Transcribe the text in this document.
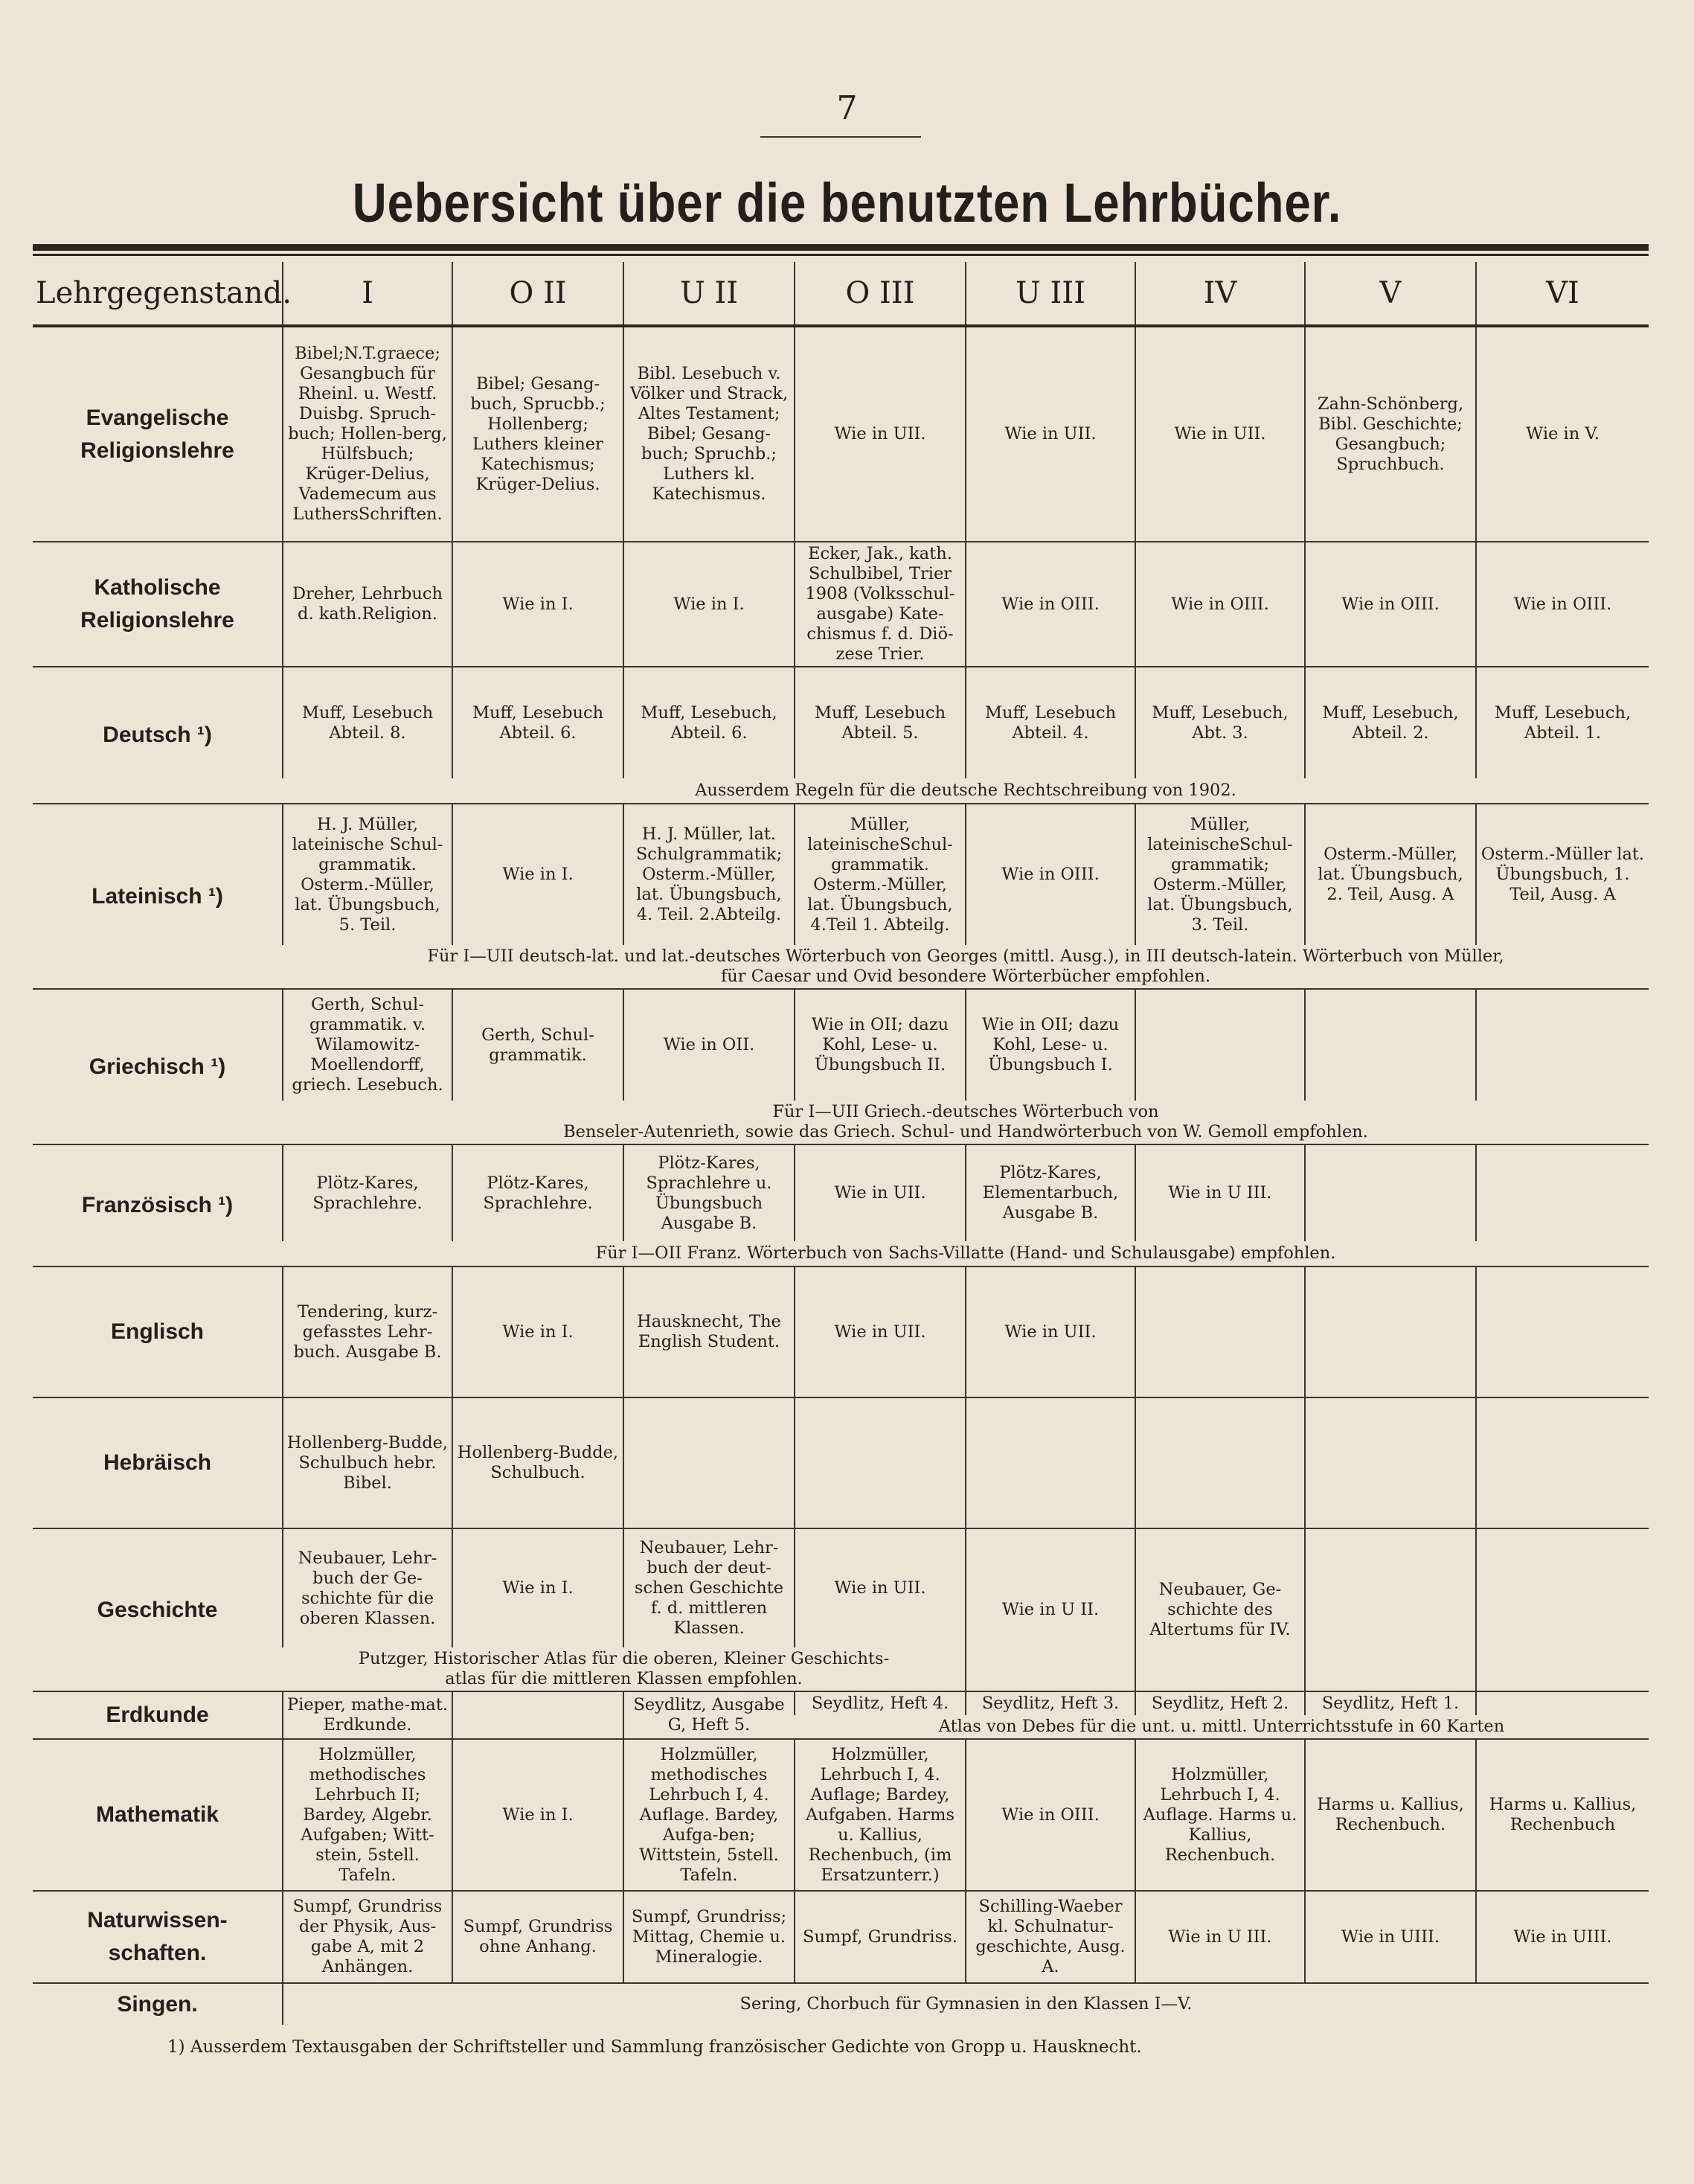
7
Uebersicht über die benutzten Lehrbücher.
Lehrgegenstand.	I	O II	U II	O III	U III	IV	V	VI
Evangelische
Religionslehre	Bibel;N.T.graece; Gesangbuch für Rheinl. u. Westf. Duisbg. Spruch-buch; Hollen-berg, Hülfsbuch; Krüger-Delius, Vademecum aus LuthersSchriften.	Bibel; Gesang-buch, Sprucbb.; Hollenberg; Luthers kleiner Katechismus; Krüger-Delius.	Bibl. Lesebuch v. Völker und Strack, Altes Testament; Bibel; Gesang-buch; Spruchb.; Luthers kl. Katechismus.	Wie in UII.	Wie in UII.	Wie in UII.	Zahn-Schönberg, Bibl. Geschichte; Gesangbuch; Spruchbuch.	Wie in V.
Katholische
Religionslehre	Dreher, Lehrbuch d. kath.Religion.	Wie in I.	Wie in I.	Ecker, Jak., kath. Schulbibel, Trier 1908 (Volksschul-ausgabe) Kate-chismus f. d. Diö-zese Trier.	Wie in OIII.	Wie in OIII.	Wie in OIII.	Wie in OIII.
Deutsch ¹)	Muff, Lesebuch Abteil. 8.	Muff, Lesebuch Abteil. 6.	Muff, Lesebuch, Abteil. 6.	Muff, Lesebuch Abteil. 5.	Muff, Lesebuch Abteil. 4.	Muff, Lesebuch, Abt. 3.	Muff, Lesebuch, Abteil. 2.	Muff, Lesebuch, Abteil. 1.
	Ausserdem Regeln für die deutsche Rechtschreibung von 1902.							
Lateinisch ¹)	H. J. Müller, lateinische Schul-grammatik. Osterm.-Müller, lat. Übungsbuch, 5. Teil.	Wie in I.	H. J. Müller, lat. Schulgrammatik; Osterm.-Müller, lat. Übungsbuch, 4. Teil. 2.Abteilg.	Müller, lateinischeSchul-grammatik. Osterm.-Müller, lat. Übungsbuch, 4.Teil 1. Abteilg.	Wie in OIII.	Müller, lateinischeSchul-grammatik; Osterm.-Müller, lat. Übungsbuch, 3. Teil.	Osterm.-Müller, lat. Übungsbuch, 2. Teil, Ausg. A	Osterm.-Müller lat. Übungsbuch, 1. Teil, Ausg. A
	Für I—UII deutsch-lat. und lat.-deutsches Wörterbuch von Georges (mittl. Ausg.), in III deutsch-latein. Wörterbuch von Müller,
für Caesar und Ovid besondere Wörterbücher empfohlen.							
Griechisch ¹)	Gerth, Schul-grammatik. v. Wilamowitz-Moellendorff, griech. Lesebuch.	Gerth, Schul-grammatik.	Wie in OII.	Wie in OII; dazu Kohl, Lese- u. Übungsbuch II.	Wie in OII; dazu Kohl, Lese- u. Übungsbuch I.			
	Für I—UII Griech.-deutsches Wörterbuch von
Benseler-Autenrieth, sowie das Griech. Schul- und Handwörterbuch von W. Gemoll empfohlen.							
Französisch ¹)	Plötz-Kares, Sprachlehre.	Plötz-Kares, Sprachlehre.	Plötz-Kares, Sprachlehre u. Übungsbuch Ausgabe B.	Wie in UII.	Plötz-Kares, Elementarbuch, Ausgabe B.	Wie in U III.		
	Für I—OII Franz. Wörterbuch von Sachs-Villatte (Hand- und Schulausgabe) empfohlen.							
Englisch	Tendering, kurz-gefasstes Lehr-buch. Ausgabe B.	Wie in I.	Hausknecht, The English Student.	Wie in UII.	Wie in UII.			
Hebräisch	Hollenberg-Budde, Schulbuch hebr. Bibel.	Hollenberg-Budde, Schulbuch.						
Geschichte	Neubauer, Lehr-buch der Ge-schichte für die oberen Klassen.	Wie in I.	Neubauer, Lehr-buch der deut-schen Geschichte f. d. mittleren Klassen.	Wie in UII.	Wie in U II.	Neubauer, Ge-schichte des Altertums für IV.		
	Putzger, Historischer Atlas für die oberen, Kleiner Geschichts-
atlas für die mittleren Klassen empfohlen.							
Erdkunde	Pieper, mathe-mat. Erdkunde.		Seydlitz, Ausgabe G, Heft 5.	Seydlitz, Heft 4.	Seydlitz, Heft 3.	Seydlitz, Heft 2.	Seydlitz, Heft 1.	
				Atlas von Debes für die unt. u. mittl. Unterrichtsstufe in 60 Karten				
Mathematik	Holzmüller, methodisches Lehrbuch II; Bardey, Algebr. Aufgaben; Witt-stein, 5stell. Tafeln.	Wie in I.	Holzmüller, methodisches Lehrbuch I, 4. Auflage. Bardey, Aufga-ben; Wittstein, 5stell. Tafeln.	Holzmüller, Lehrbuch I, 4. Auflage; Bardey, Aufgaben. Harms u. Kallius, Rechenbuch, (im Ersatzunterr.)	Wie in OIII.	Holzmüller, Lehrbuch I, 4. Auflage. Harms u. Kallius, Rechenbuch.	Harms u. Kallius, Rechenbuch.	Harms u. Kallius, Rechenbuch
Naturwissen-
schaften.	Sumpf, Grundriss der Physik, Aus-gabe A, mit 2 Anhängen.	Sumpf, Grundriss ohne Anhang.	Sumpf, Grundriss; Mittag, Chemie u. Mineralogie.	Sumpf, Grundriss.	Schilling-Waeber kl. Schulnatur-geschichte, Ausg. A.	Wie in U III.	Wie in UIII.	Wie in UIII.
Singen.	Sering, Chorbuch für Gymnasien in den Klassen I—V.							
1) Ausserdem Textausgaben der Schriftsteller und Sammlung französischer Gedichte von Gropp u. Hausknecht.
